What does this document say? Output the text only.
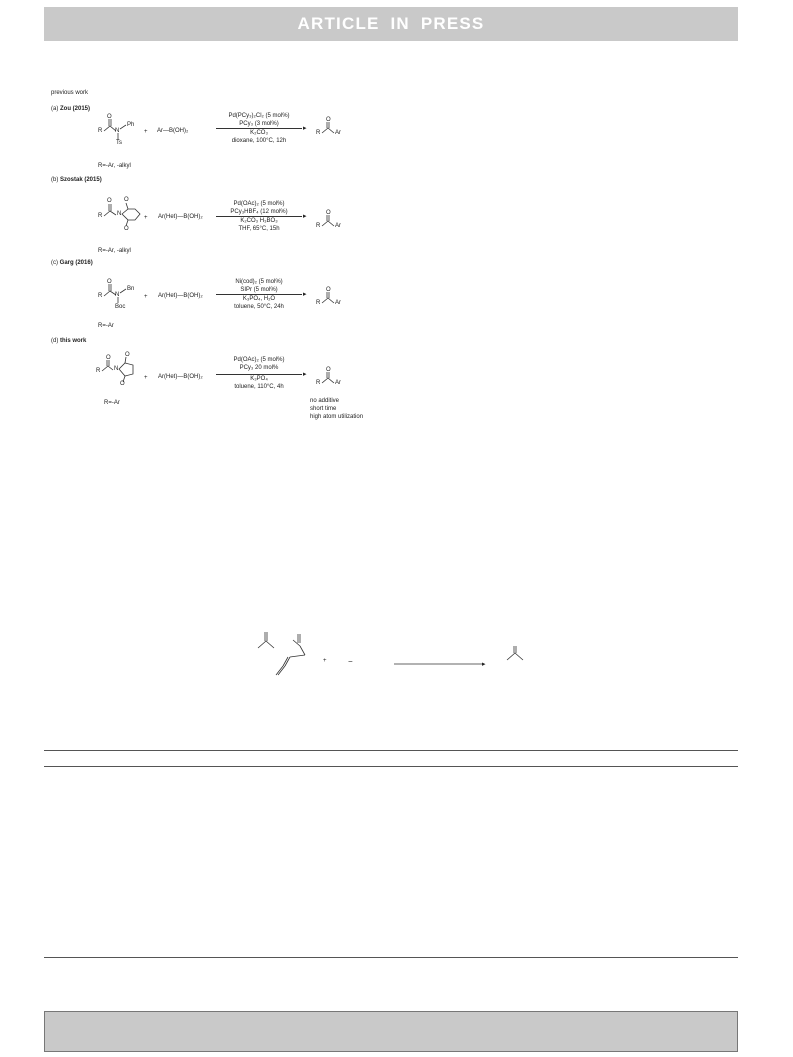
ARTICLE IN PRESS
previous work
(a) Zou (2015)
O
R N
Ph
Ts
+ Ar—B(OH)₂
Pd(PCy₃)₂Cl₂ (5 mol%)
PCy₃ (3 mol%)
K₂CO₃
dioxane, 100°C, 12h
▸
O
R Ar
R=-Ar, -alkyl
(b) Szostak (2015)
O
R N
O
O
+ Ar(Het)—B(OH)₂
Pd(OAc)₂ (5 mol%)
PCy₃HBF₄ (12 mol%)
K₂CO₃ H₃BO₃
THF, 65°C, 15h
▸	O
R Ar
R=-Ar, -alkyl
(c) Garg (2016)
O
R N
Bn
Boc
+ Ar(Het)—B(OH)₂
Ni(cod)₂ (5 mol%)
SIPr (5 mol%)
K₃PO₄, H₂O
toluene, 50°C, 24h
▸
O
R Ar
R=-Ar
(d) this work
O
R N
O
O
+ Ar(Het)—B(OH)₂
Pd(OAc)₂ (5 mol%)
PCy₃ 20 mol%
K₃PO₄
toluene, 110°C, 4h
▸
O
R Ar
R=-Ar	no additive
short time
high atom utilization
▸
+	−
